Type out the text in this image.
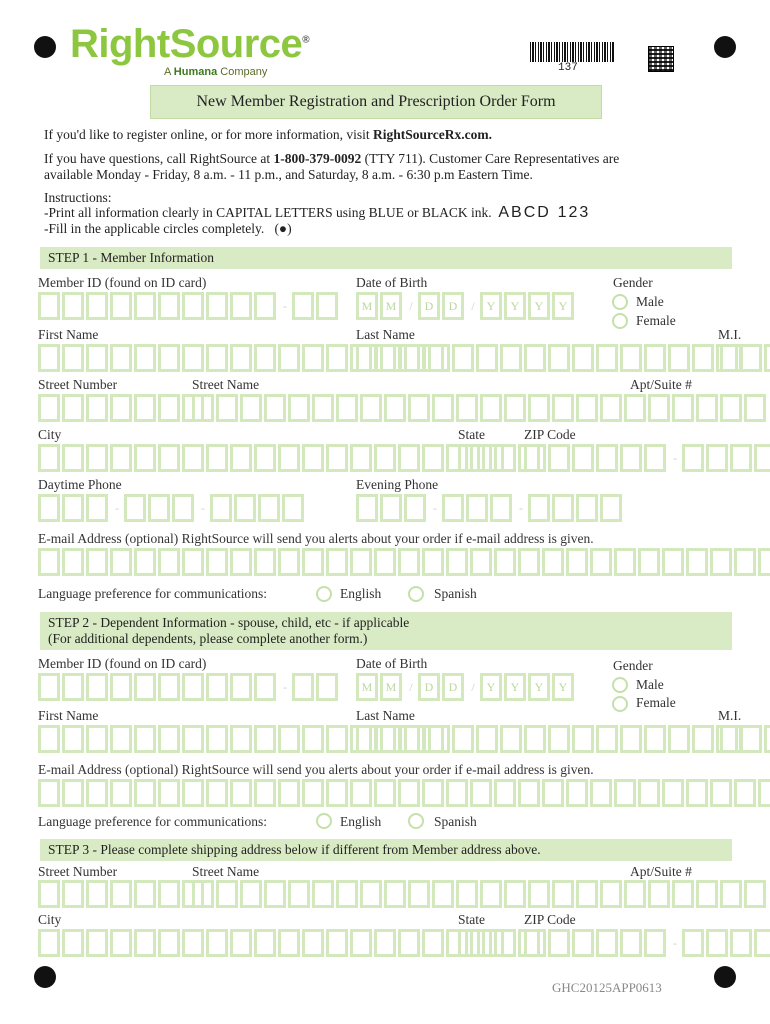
RightSource®
A Humana Company	137
New Member Registration and Prescription Order Form
If you'd like to register online, or for more information, visit RightSourceRx.com.
If you have questions, call RightSource at 1-800-379-0092 (TTY 711). Customer Care Representatives are
available Monday - Friday, 8 a.m. - 11 p.m., and Saturday, 8 a.m. - 6:30 p.m Eastern Time.
Instructions:
-Print all information clearly in CAPITAL LETTERS using BLUE or BLACK ink. ABCD 123
-Fill in the applicable circles completely. (●)
STEP 1 - Member Information
Member ID (found on ID card)	Date of Birth	Gender
-	M	M	/ D	D	/ Y	Y	Y	Y	Male
Female
First Name	Last Name	M.I.
Street Number	Street Name	Apt/Suite #
City	State	ZIP Code
-
Daytime Phone	Evening Phone
-	-	-	-
E-mail Address (optional) RightSource will send you alerts about your order if e-mail address is given.
Language preference for communications:	English	Spanish
STEP 2 - Dependent Information - spouse, child, etc - if applicable
(For additional dependents, please complete another form.)
Member ID (found on ID card)	Date of Birth	Gender
-	M	M	/ D	D	/ Y	Y	Y	Y	Male
Female
First Name	Last Name	M.I.
E-mail Address (optional) RightSource will send you alerts about your order if e-mail address is given.
Language preference for communications:	English	Spanish
STEP 3 - Please complete shipping address below if different from Member address above.
Street Number	Street Name	Apt/Suite #
City	State	ZIP Code
-
GHC20125APP0613
